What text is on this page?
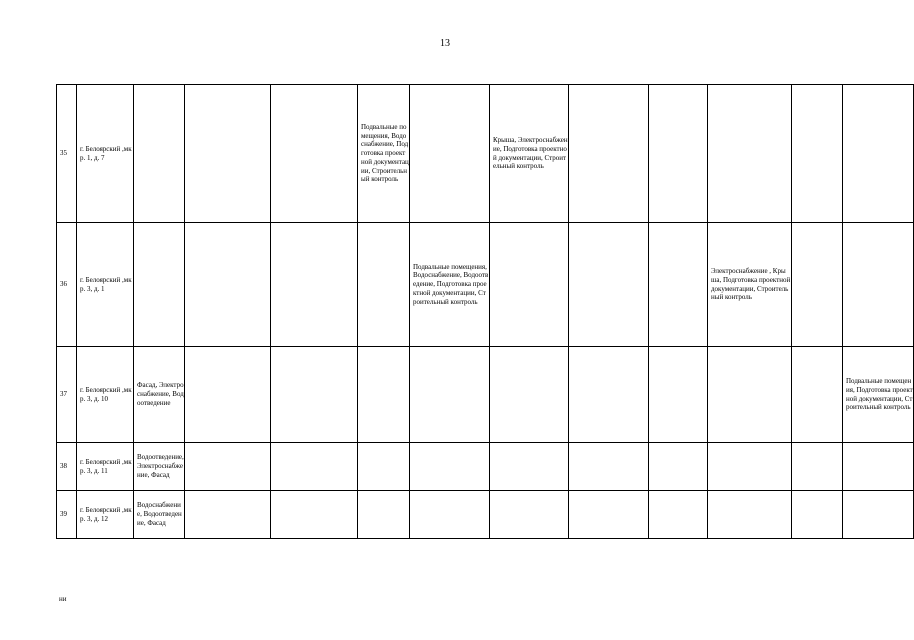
13
35	г. Белоярский ,мкр. 1, д. 7				Подвальные помещения, Водоснабжение, Подготовка проектной документации, Строительный контроль		Крыша, Электроснабжение, Подготовка проектной документации, Строительный контроль					
36	г. Белоярский ,мкр. 3, д. 1					Подвальные помещения, Водоснабжение, Водоотведение, Подготовка проектной документации, Строительный контроль				Электроснабжение , Крыша, Подготовка проектной документации, Строительный контроль		
37	г. Белоярский ,мкр. 3, д. 10	Фасад, Электроснабжение, Водоотведение										Подвальные помещения, Подготовка проектной документации, Строительный контроль
38	г. Белоярский ,мкр. 3, д. 11	Водоотведение, Электроснабжение, Фасад										
39	г. Белоярский ,мкр. 3, д. 12	Водоснабжение, Водоотведение, Фасад										
ни
